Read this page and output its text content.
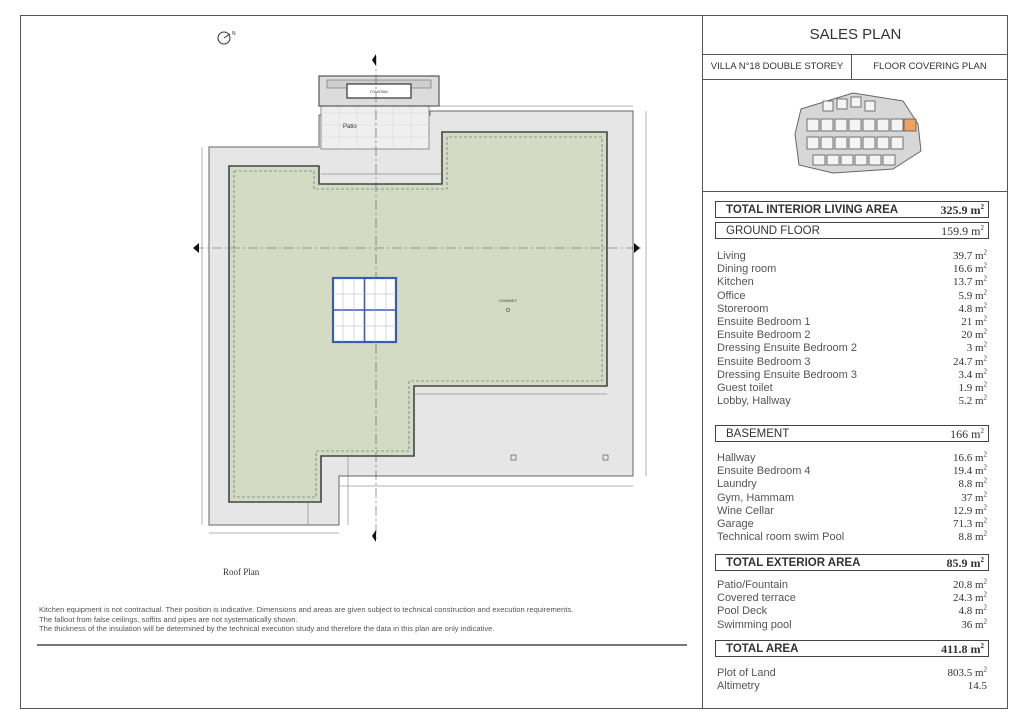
N
Patio
FOUNTAIN
CHIMNEY
Roof Plan
Kitchen equipment is not contractual. Their position is indicative. Dimensions and areas are given subject to technical construction and execution requirements.
The fallout from false ceilings, soffits and pipes are not systematically shown.
The thickness of the insulation will be determined by the technical execution study and therefore the data in this plan are only indicative.
SALES PLAN
VILLA N°18 DOUBLE STOREY	FLOOR COVERING PLAN
TOTAL INTERIOR LIVING AREA	325.9 $m^2$
GROUND FLOOR	159.9 $m^2$
Living	39.7 $m^2$
Dining room	16.6 $m^2$
Kitchen	13.7 $m^2$
Office	5.9 $m^2$
Storeroom	4.8 $m^2$
Ensuite Bedroom 1	21 $m^2$
Ensuite Bedroom 2	20 $m^2$
Dressing Ensuite Bedroom 2	3 $m^2$
Ensuite Bedroom 3	24.7 $m^2$
Dressing Ensuite Bedroom 3	3.4 $m^2$
Guest toilet	1.9 $m^2$
Lobby, Hallway	5.2 $m^2$
BASEMENT	166 $m^2$
Hallway	16.6 $m^2$
Ensuite Bedroom 4	19.4 $m^2$
Laundry	8.8 $m^2$
Gym, Hammam	37 $m^2$
Wine Cellar	12.9 $m^2$
Garage	71.3 $m^2$
Technical room swim Pool	8.8 $m^2$
TOTAL EXTERIOR AREA	85.9 $m^2$
Patio/Fountain	20.8 $m^2$
Covered terrace	24.3 $m^2$
Pool Deck	4.8 $m^2$
Swimming pool	36 $m^2$
TOTAL AREA	411.8 $m^2$
Plot of Land	803.5 $m^2$
Altimetry	14.5
